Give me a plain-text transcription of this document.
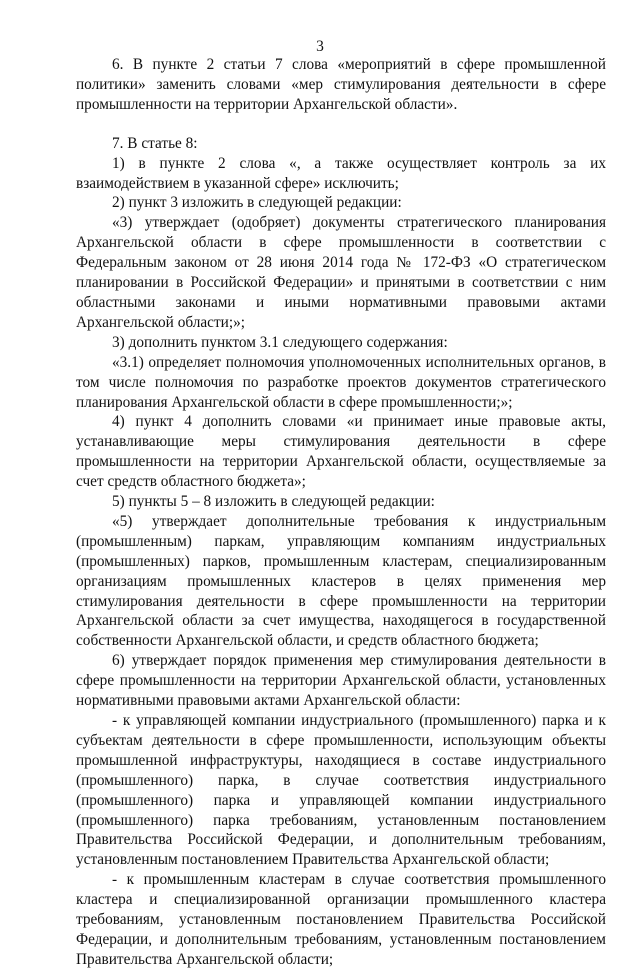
3

6. В пункте 2 статьи 7 слова «мероприятий в сфере промышленной политики» заменить словами «мер стимулирования деятельности в сфере промышленности на территории Архангельской области».

7. В статье 8:

1) в пункте 2 слова «, а также осуществляет контроль за их взаимодействием в указанной сфере» исключить;

2) пункт 3 изложить в следующей редакции:

«3) утверждает (одобряет) документы стратегического планирования Архангельской области в сфере промышленности в соответствии с Федеральным законом от 28 июня 2014 года № 172-ФЗ «О стратегическом планировании в Российской Федерации» и принятыми в соответствии с ним областными законами и иными нормативными правовыми актами Архангельской области;»;

3) дополнить пунктом 3.1 следующего содержания:

«3.1) определяет полномочия уполномоченных исполнительных органов, в том числе полномочия по разработке проектов документов стратегического планирования Архангельской области в сфере промышленности;»;

4) пункт 4 дополнить словами «и принимает иные правовые акты, устанавливающие меры стимулирования деятельности в сфере промышленности на территории Архангельской области, осуществляемые за счет средств областного бюджета»;

5) пункты 5 – 8 изложить в следующей редакции:

«5) утверждает дополнительные требования к индустриальным (промышленным) паркам, управляющим компаниям индустриальных (промышленных) парков, промышленным кластерам, специализированным организациям промышленных кластеров в целях применения мер стимулирования деятельности в сфере промышленности на территории Архангельской области за счет имущества, находящегося в государственной собственности Архангельской области, и средств областного бюджета;

6) утверждает порядок применения мер стимулирования деятельности в сфере промышленности на территории Архангельской области, установленных нормативными правовыми актами Архангельской области:

- к управляющей компании индустриального (промышленного) парка и к субъектам деятельности в сфере промышленности, использующим объекты промышленной инфраструктуры, находящиеся в составе индустриального (промышленного) парка, в случае соответствия индустриального (промышленного) парка и управляющей компании индустриального (промышленного) парка требованиям, установленным постановлением Правительства Российской Федерации, и дополнительным требованиям, установленным постановлением Правительства Архангельской области;

- к промышленным кластерам в случае соответствия промышленного кластера и специализированной организации промышленного кластера требованиям, установленным постановлением Правительства Российской Федерации, и дополнительным требованиям, установленным постановлением Правительства Архангельской области;
